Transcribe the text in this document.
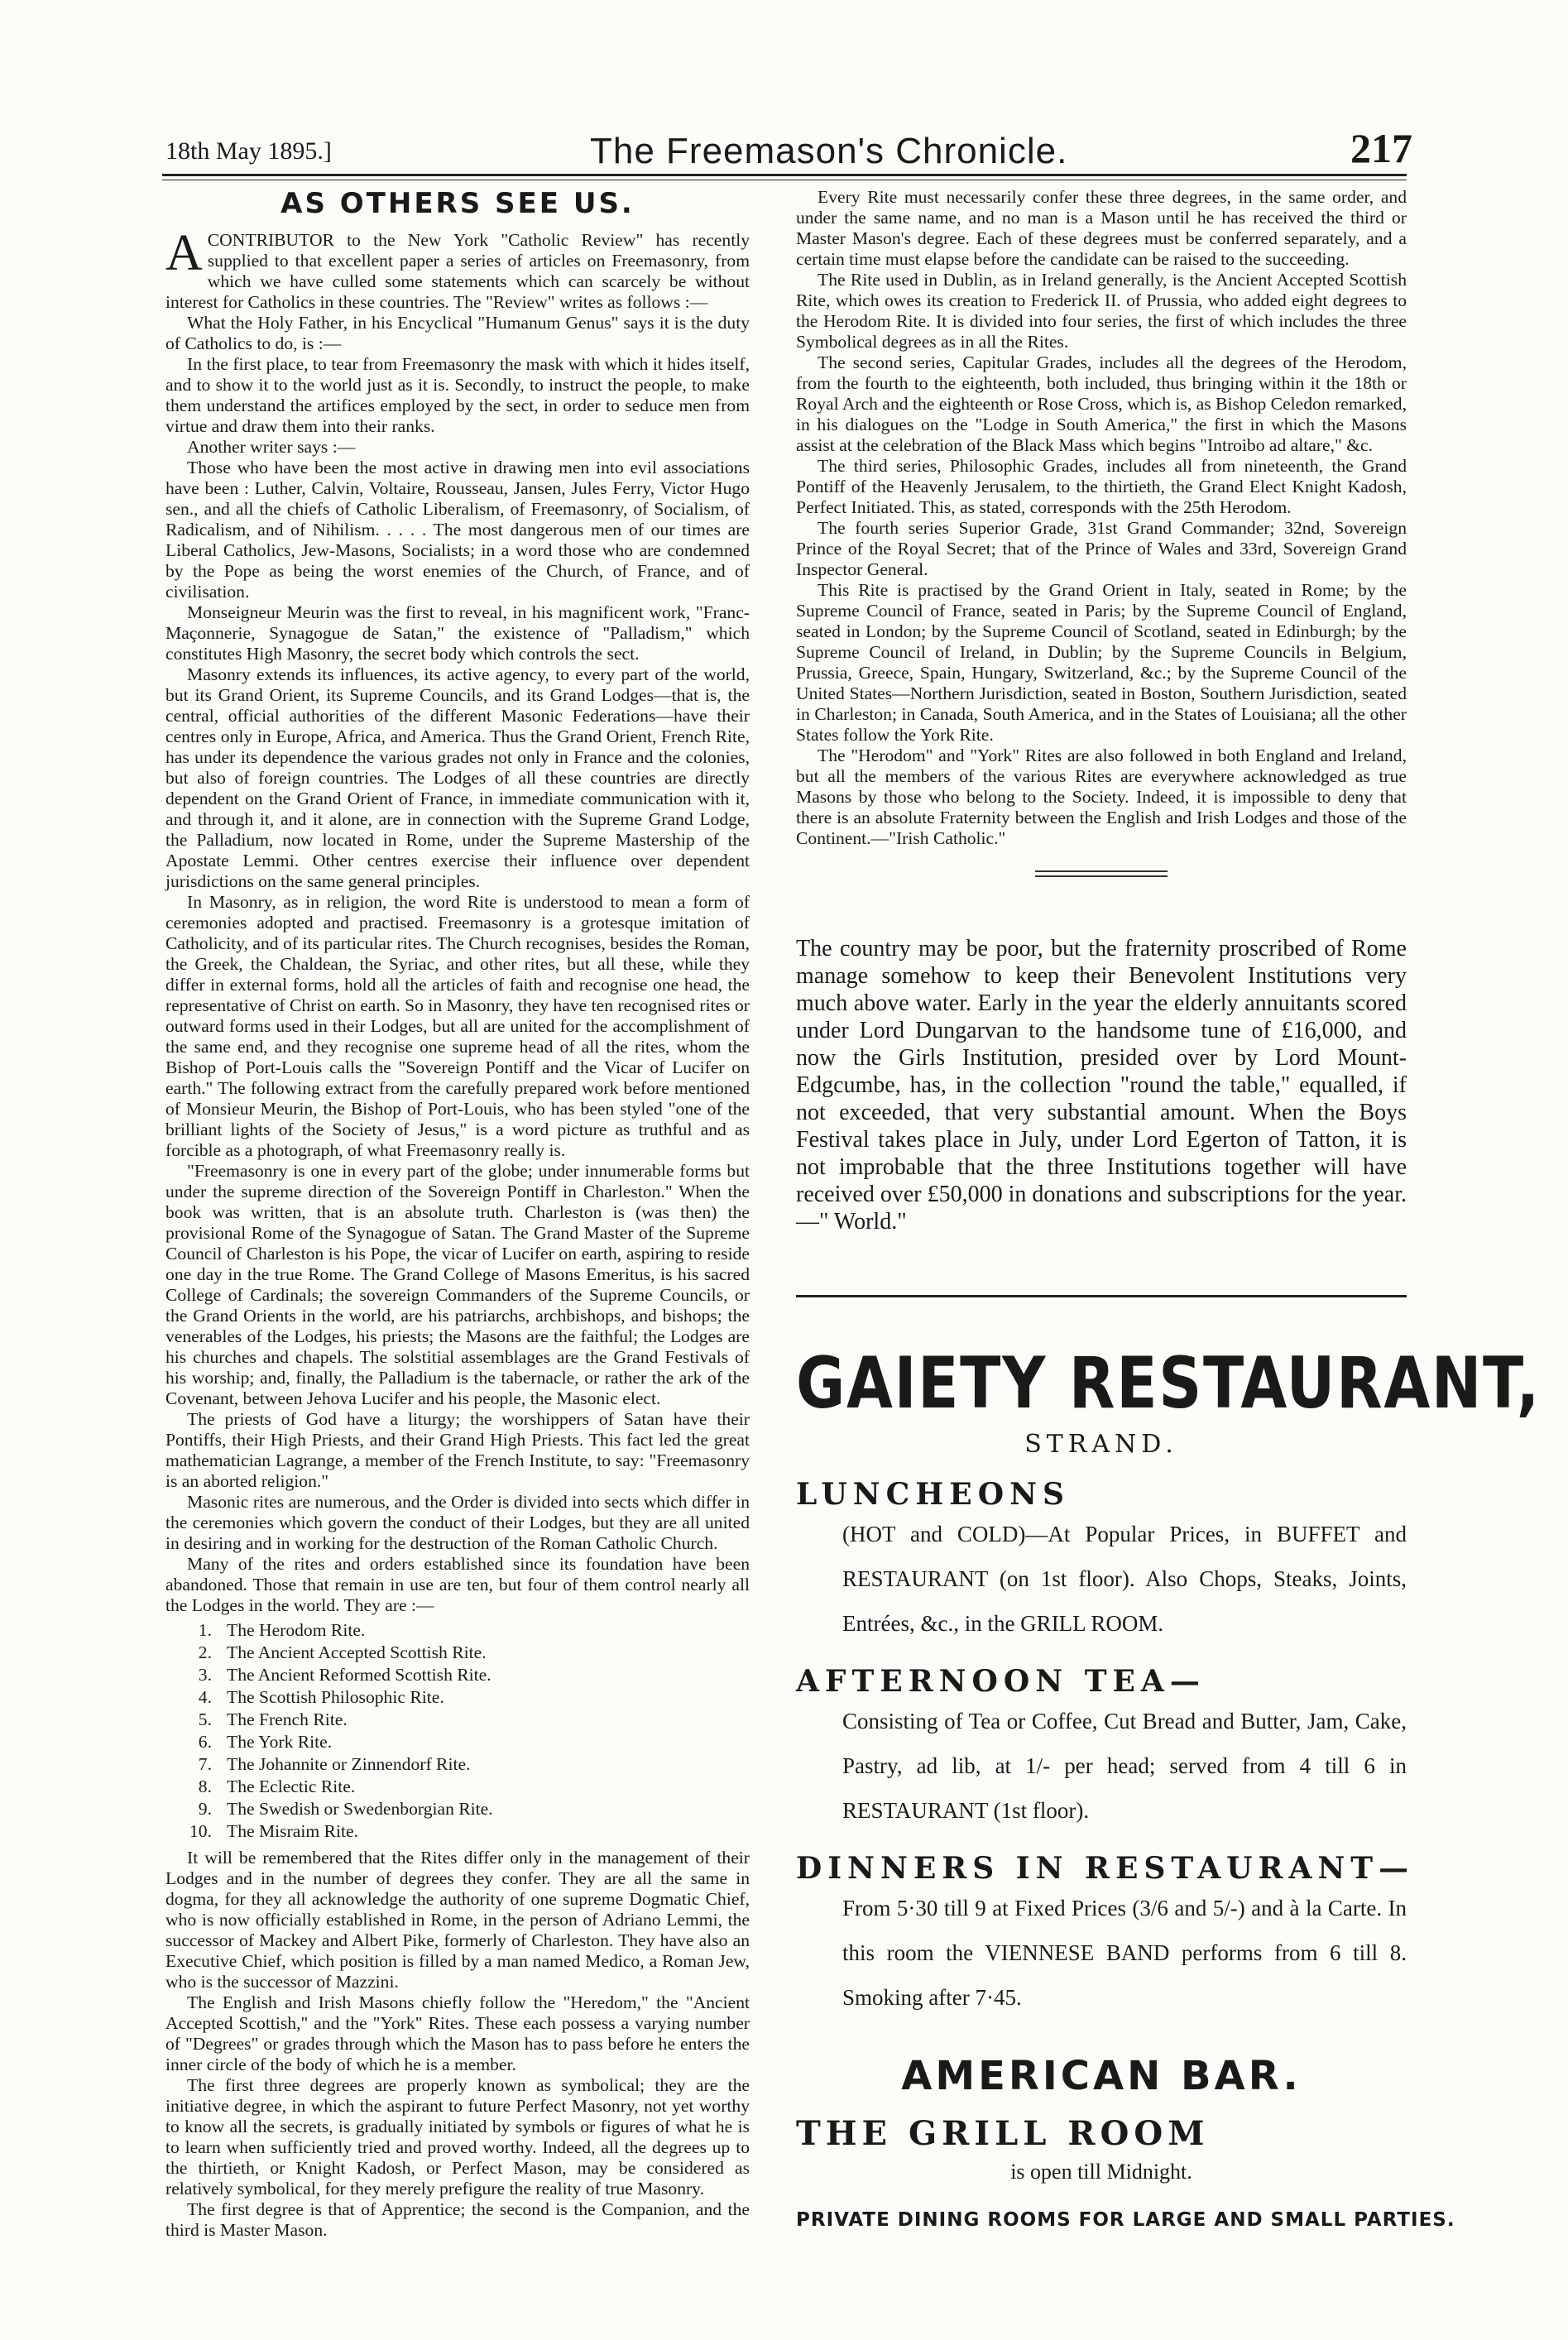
18th May 1895.]	The Freemason's Chronicle.	217
AS OTHERS SEE US.

ACONTRIBUTOR to the New York "Catholic Review" has recently supplied to that excellent paper a series of articles on Freemasonry, from which we have culled some statements which can scarcely be without interest for Catholics in these countries. The "Review" writes as follows :—

What the Holy Father, in his Encyclical "Humanum Genus" says it is the duty of Catholics to do, is :—

In the first place, to tear from Freemasonry the mask with which it hides itself, and to show it to the world just as it is. Secondly, to instruct the people, to make them understand the artifices employed by the sect, in order to seduce men from virtue and draw them into their ranks.

Another writer says :—

Those who have been the most active in drawing men into evil associations have been : Luther, Calvin, Voltaire, Rousseau, Jansen, Jules Ferry, Victor Hugo sen., and all the chiefs of Catholic Liberalism, of Freemasonry, of Socialism, of Radicalism, and of Nihilism. . . . . The most dangerous men of our times are Liberal Catholics, Jew-Masons, Socialists; in a word those who are condemned by the Pope as being the worst enemies of the Church, of France, and of civilisation.

Monseigneur Meurin was the first to reveal, in his magnificent work, "Franc-Maçonnerie, Synagogue de Satan," the existence of "Palladism," which constitutes High Masonry, the secret body which controls the sect.

Masonry extends its influences, its active agency, to every part of the world, but its Grand Orient, its Supreme Councils, and its Grand Lodges—that is, the central, official authorities of the different Masonic Federations—have their centres only in Europe, Africa, and America. Thus the Grand Orient, French Rite, has under its dependence the various grades not only in France and the colonies, but also of foreign countries. The Lodges of all these countries are directly dependent on the Grand Orient of France, in immediate communication with it, and through it, and it alone, are in connection with the Supreme Grand Lodge, the Palladium, now located in Rome, under the Supreme Mastership of the Apostate Lemmi. Other centres exercise their influence over dependent jurisdictions on the same general principles.

In Masonry, as in religion, the word Rite is understood to mean a form of ceremonies adopted and practised. Freemasonry is a grotesque imitation of Catholicity, and of its particular rites. The Church recognises, besides the Roman, the Greek, the Chaldean, the Syriac, and other rites, but all these, while they differ in external forms, hold all the articles of faith and recognise one head, the representative of Christ on earth. So in Masonry, they have ten recognised rites or outward forms used in their Lodges, but all are united for the accomplishment of the same end, and they recognise one supreme head of all the rites, whom the Bishop of Port-Louis calls the "Sovereign Pontiff and the Vicar of Lucifer on earth." The following extract from the carefully prepared work before mentioned of Monsieur Meurin, the Bishop of Port-Louis, who has been styled "one of the brilliant lights of the Society of Jesus," is a word picture as truthful and as forcible as a photograph, of what Freemasonry really is.

"Freemasonry is one in every part of the globe; under innumerable forms but under the supreme direction of the Sovereign Pontiff in Charleston." When the book was written, that is an absolute truth. Charleston is (was then) the provisional Rome of the Synagogue of Satan. The Grand Master of the Supreme Council of Charleston is his Pope, the vicar of Lucifer on earth, aspiring to reside one day in the true Rome. The Grand College of Masons Emeritus, is his sacred College of Cardinals; the sovereign Commanders of the Supreme Councils, or the Grand Orients in the world, are his patriarchs, archbishops, and bishops; the venerables of the Lodges, his priests; the Masons are the faithful; the Lodges are his churches and chapels. The solstitial assemblages are the Grand Festivals of his worship; and, finally, the Palladium is the tabernacle, or rather the ark of the Covenant, between Jehova Lucifer and his people, the Masonic elect.

The priests of God have a liturgy; the worshippers of Satan have their Pontiffs, their High Priests, and their Grand High Priests. This fact led the great mathematician Lagrange, a member of the French Institute, to say: "Freemasonry is an aborted religion."

Masonic rites are numerous, and the Order is divided into sects which differ in the ceremonies which govern the conduct of their Lodges, but they are all united in desiring and in working for the destruction of the Roman Catholic Church.

Many of the rites and orders established since its foundation have been abandoned. Those that remain in use are ten, but four of them control nearly all the Lodges in the world. They are :—

1. The Herodom Rite.
2. The Ancient Accepted Scottish Rite.
3. The Ancient Reformed Scottish Rite.
4. The Scottish Philosophic Rite.
5. The French Rite.
6. The York Rite.
7. The Johannite or Zinnendorf Rite.
8. The Eclectic Rite.
9. The Swedish or Swedenborgian Rite.
10. The Misraim Rite.

It will be remembered that the Rites differ only in the management of their Lodges and in the number of degrees they confer. They are all the same in dogma, for they all acknowledge the authority of one supreme Dogmatic Chief, who is now officially established in Rome, in the person of Adriano Lemmi, the successor of Mackey and Albert Pike, formerly of Charleston. They have also an Executive Chief, which position is filled by a man named Medico, a Roman Jew, who is the successor of Mazzini.

The English and Irish Masons chiefly follow the "Heredom," the "Ancient Accepted Scottish," and the "York" Rites. These each possess a varying number of "Degrees" or grades through which the Mason has to pass before he enters the inner circle of the body of which he is a member.

The first three degrees are properly known as symbolical; they are the initiative degree, in which the aspirant to future Perfect Masonry, not yet worthy to know all the secrets, is gradually initiated by symbols or figures of what he is to learn when sufficiently tried and proved worthy. Indeed, all the degrees up to the thirtieth, or Knight Kadosh, or Perfect Mason, may be considered as relatively symbolical, for they merely prefigure the reality of true Masonry.

The first degree is that of Apprentice; the second is the Companion, and the third is Master Mason.

Every Rite must necessarily confer these three degrees, in the same order, and under the same name, and no man is a Mason until he has received the third or Master Mason's degree. Each of these degrees must be conferred separately, and a certain time must elapse before the candidate can be raised to the succeeding.

The Rite used in Dublin, as in Ireland generally, is the Ancient Accepted Scottish Rite, which owes its creation to Frederick II. of Prussia, who added eight degrees to the Herodom Rite. It is divided into four series, the first of which includes the three Symbolical degrees as in all the Rites.

The second series, Capitular Grades, includes all the degrees of the Herodom, from the fourth to the eighteenth, both included, thus bringing within it the 18th or Royal Arch and the eighteenth or Rose Cross, which is, as Bishop Celedon remarked, in his dialogues on the "Lodge in South America," the first in which the Masons assist at the celebration of the Black Mass which begins "Introibo ad altare," &c.

The third series, Philosophic Grades, includes all from nineteenth, the Grand Pontiff of the Heavenly Jerusalem, to the thirtieth, the Grand Elect Knight Kadosh, Perfect Initiated. This, as stated, corresponds with the 25th Herodom.

The fourth series Superior Grade, 31st Grand Commander; 32nd, Sovereign Prince of the Royal Secret; that of the Prince of Wales and 33rd, Sovereign Grand Inspector General.

This Rite is practised by the Grand Orient in Italy, seated in Rome; by the Supreme Council of France, seated in Paris; by the Supreme Council of England, seated in London; by the Supreme Council of Scotland, seated in Edinburgh; by the Supreme Council of Ireland, in Dublin; by the Supreme Councils in Belgium, Prussia, Greece, Spain, Hungary, Switzerland, &c.; by the Supreme Council of the United States—Northern Jurisdiction, seated in Boston, Southern Jurisdiction, seated in Charleston; in Canada, South America, and in the States of Louisiana; all the other States follow the York Rite.

The "Herodom" and "York" Rites are also followed in both England and Ireland, but all the members of the various Rites are everywhere acknowledged as true Masons by those who belong to the Society. Indeed, it is impossible to deny that there is an absolute Fraternity between the English and Irish Lodges and those of the Continent.—"Irish Catholic."

The country may be poor, but the fraternity proscribed of Rome manage somehow to keep their Benevolent Institutions very much above water. Early in the year the elderly annuitants scored under Lord Dungarvan to the handsome tune of £16,000, and now the Girls Institution, presided over by Lord Mount-Edgcumbe, has, in the collection "round the table," equalled, if not exceeded, that very substantial amount. When the Boys Festival takes place in July, under Lord Egerton of Tatton, it is not improbable that the three Institutions together will have received over £50,000 in donations and subscriptions for the year.—" World."
GAIETY RESTAURANT,
STRAND.
LUNCHEONS
(HOT and COLD)—At Popular Prices, in BUFFET and RESTAURANT (on 1st floor). Also Chops, Steaks, Joints, Entrées, &c., in the GRILL ROOM.
AFTERNOON TEA—
Consisting of Tea or Coffee, Cut Bread and Butter, Jam, Cake, Pastry, ad lib, at 1/- per head; served from 4 till 6 in RESTAURANT (1st floor).
DINNERS IN RESTAURANT—
From 5·30 till 9 at Fixed Prices (3/6 and 5/-) and à la Carte. In this room the VIENNESE BAND performs from 6 till 8. Smoking after 7·45.
AMERICAN BAR.
THE GRILL ROOM
is open till Midnight.
PRIVATE DINING ROOMS FOR LARGE AND SMALL PARTIES.
